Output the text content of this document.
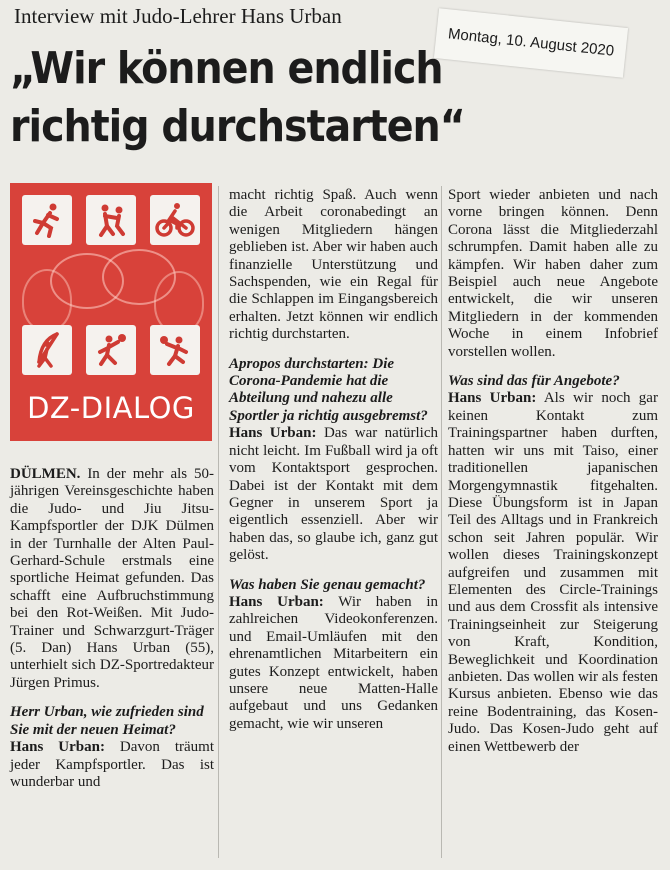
Interview mit Judo-Lehrer Hans Urban
Montag, 10. August 2020
„Wir können endlich
richtig durchstarten“
DZ-DIALOG

DÜLMEN. In der mehr als 50-jährigen Vereinsgeschichte haben die Judo- und Jiu Jitsu-Kampfsportler der DJK Dülmen in der Turnhalle der Alten Paul-Gerhard-Schule erstmals eine sportliche Heimat gefunden. Das schafft eine Aufbruchstimmung bei den Rot-Weißen. Mit Judo-Trainer und Schwarzgurt-Träger (5. Dan) Hans Urban (55), unterhielt sich DZ-Sportredakteur Jürgen Primus.

Herr Urban, wie zufrieden sind Sie mit der neuen Heimat?

Hans Urban: Davon träumt jeder Kampfsportler. Das ist wunderbar und

macht richtig Spaß. Auch wenn die Arbeit coronabedingt an wenigen Mitgliedern hängen geblieben ist. Aber wir haben auch finanzielle Unterstützung und Sachspenden, wie ein Regal für die Schlappen im Eingangsbereich erhalten. Jetzt können wir endlich richtig durchstarten.

Apropos durchstarten: Die Corona-Pandemie hat die Abteilung und nahezu alle Sportler ja richtig ausgebremst?

Hans Urban: Das war natürlich nicht leicht. Im Fußball wird ja oft vom Kontaktsport gesprochen. Dabei ist der Kontakt mit dem Gegner in unserem Sport ja eigentlich essenziell. Aber wir haben das, so glaube ich, ganz gut gelöst.

Was haben Sie genau gemacht?

Hans Urban: Wir haben in zahlreichen Videokonferenzen. und Email-Umläufen mit den ehrenamtlichen Mitarbeitern ein gutes Konzept entwickelt, haben unsere neue Matten-Halle aufgebaut und uns Gedanken gemacht, wie wir unseren

Sport wieder anbieten und nach vorne bringen können. Denn Corona lässt die Mitgliederzahl schrumpfen. Damit haben alle zu kämpfen. Wir haben daher zum Beispiel auch neue Angebote entwickelt, die wir unseren Mitgliedern in der kommenden Woche in einem Infobrief vorstellen wollen.

Was sind das für Angebote?

Hans Urban: Als wir noch gar keinen Kontakt zum Trainingspartner haben durften, hatten wir uns mit Taiso, einer traditionellen japanischen Morgengymnastik fitgehalten. Diese Übungsform ist in Japan Teil des Alltags und in Frankreich schon seit Jahren populär. Wir wollen dieses Trainingskonzept aufgreifen und zusammen mit Elementen des Circle-Trainings und aus dem Crossfit als intensive Trainingseinheit zur Steigerung von Kraft, Kondition, Beweglichkeit und Koordination anbieten. Das wollen wir als festen Kursus anbieten. Ebenso wie das reine Bodentraining, das Kosen-Judo. Das Kosen-Judo geht auf einen Wettbewerb der
